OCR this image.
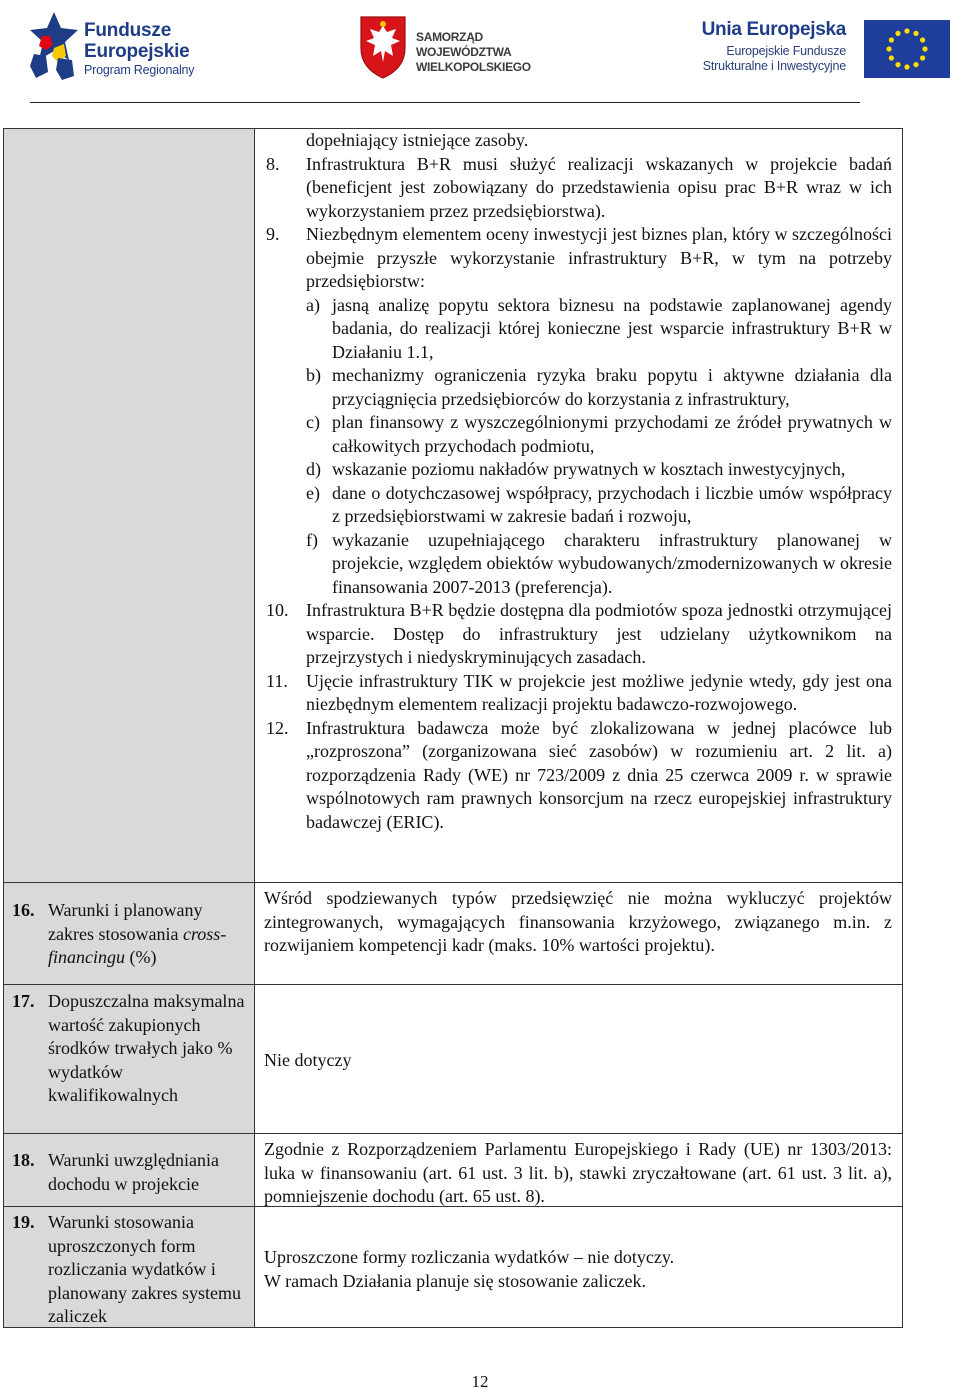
Fundusze
Europejskie
Program Regionalny
SAMORZĄD WOJEWÓDZTWA
WIELKOPOLSKIEGO
Unia Europejska
Europejskie Fundusze
Strukturalne i Inwestycyjne

dopełniający istniejące zasoby.

8. Infrastruktura B+R musi służyć realizacji wskazanych w projekcie badań (beneficjent jest zobowiązany do przedstawienia opisu prac B+R wraz w ich wykorzystaniem przez przedsiębiorstwa).
9. Niezbędnym elementem oceny inwestycji jest biznes plan, który w szczególności obejmie przyszłe wykorzystanie infrastruktury B+R, w tym na potrzeby przedsiębiorstw:
a) jasną analizę popytu sektora biznesu na podstawie zaplanowanej agendy badania, do realizacji której konieczne jest wsparcie infrastruktury B+R w Działaniu 1.1,
b) mechanizmy ograniczenia ryzyka braku popytu i aktywne działania dla przyciągnięcia przedsiębiorców do korzystania z infrastruktury,
c) plan finansowy z wyszczególnionymi przychodami ze źródeł prywatnych w całkowitych przychodach podmiotu,
d) wskazanie poziomu nakładów prywatnych w kosztach inwestycyjnych,
e) dane o dotychczasowej współpracy, przychodach i liczbie umów współpracy z przedsiębiorstwami w zakresie badań i rozwoju,
f) wykazanie uzupełniającego charakteru infrastruktury planowanej w projekcie, względem obiektów wybudowanych/zmodernizowanych w okresie finansowania 2007-2013 (preferencja).
10. Infrastruktura B+R będzie dostępna dla podmiotów spoza jednostki otrzymującej wsparcie. Dostęp do infrastruktury jest udzielany użytkownikom na przejrzystych i niedyskryminujących zasadach.
11. Ujęcie infrastruktury TIK w projekcie jest możliwe jedynie wtedy, gdy jest ona niezbędnym elementem realizacji projektu badawczo-rozwojowego.
12. Infrastruktura badawcza może być zlokalizowana w jednej placówce lub „rozproszona” (zorganizowana sieć zasobów) w rozumieniu art. 2 lit. a) rozporządzenia Rady (WE) nr 723/2009 z dnia 25 czerwca 2009 r. w sprawie wspólnotowych ram prawnych konsorcjum na rzecz europejskiej infrastruktury badawczej (ERIC).
16. Warunki i planowany zakres stosowania cross-financingu (%)

Wśród spodziewanych typów przedsięwzięć nie można wykluczyć projektów zintegrowanych, wymagających finansowania krzyżowego, związanego m.in. z rozwijaniem kompetencji kadr (maks. 10% wartości projektu).

17. Dopuszczalna maksymalna wartość zakupionych środków trwałych jako % wydatków kwalifikowalnych

Nie dotyczy

18. Warunki uwzględniania dochodu w projekcie

Zgodnie z Rozporządzeniem Parlamentu Europejskiego i Rady (UE) nr 1303/2013: luka w finansowaniu (art. 61 ust. 3 lit. b), stawki zryczałtowane (art. 61 ust. 3 lit. a), pomniejszenie dochodu (art. 65 ust. 8).

19. Warunki stosowania uproszczonych form rozliczania wydatków i planowany zakres systemu zaliczek

Uproszczone formy rozliczania wydatków – nie dotyczy.

W ramach Działania planuje się stosowanie zaliczek.

12
